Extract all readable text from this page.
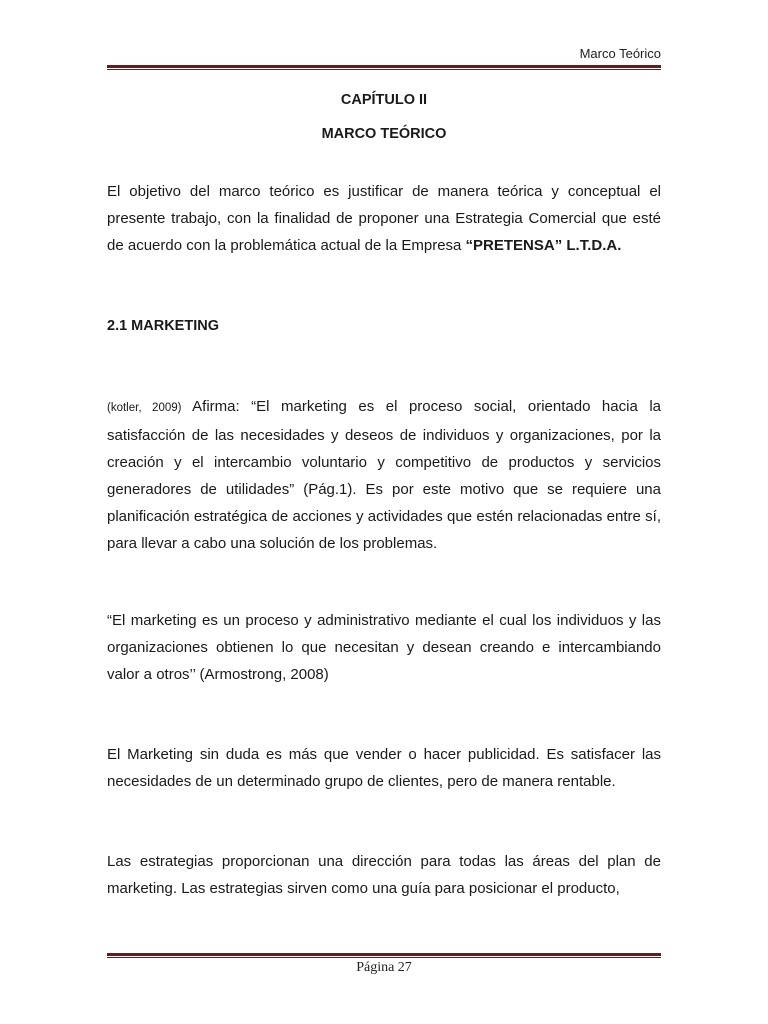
Marco Teórico
CAPÍTULO II
MARCO TEÓRICO
El objetivo del marco teórico es justificar de manera teórica y conceptual el presente trabajo, con la finalidad de proponer una Estrategia Comercial que esté de acuerdo con la problemática actual de la Empresa “PRETENSA” L.T.D.A.
2.1 MARKETING
(kotler, 2009) Afirma: “El marketing es el proceso social, orientado hacia la satisfacción de las necesidades y deseos de individuos y organizaciones, por la creación y el intercambio voluntario y competitivo de productos y servicios generadores de utilidades” (Pág.1). Es por este motivo que se requiere una planificación estratégica de acciones y actividades que estén relacionadas entre sí, para llevar a cabo una solución de los problemas.
“El marketing es un proceso y administrativo mediante el cual los individuos y las organizaciones obtienen lo que necesitan y desean creando e intercambiando valor a otros’’ (Armostrong, 2008)
El Marketing sin duda es más que vender o hacer publicidad. Es satisfacer las necesidades de un determinado grupo de clientes, pero de manera rentable.
Las estrategias proporcionan una dirección para todas las áreas del plan de marketing. Las estrategias sirven como una guía para posicionar el producto,
Página 27
